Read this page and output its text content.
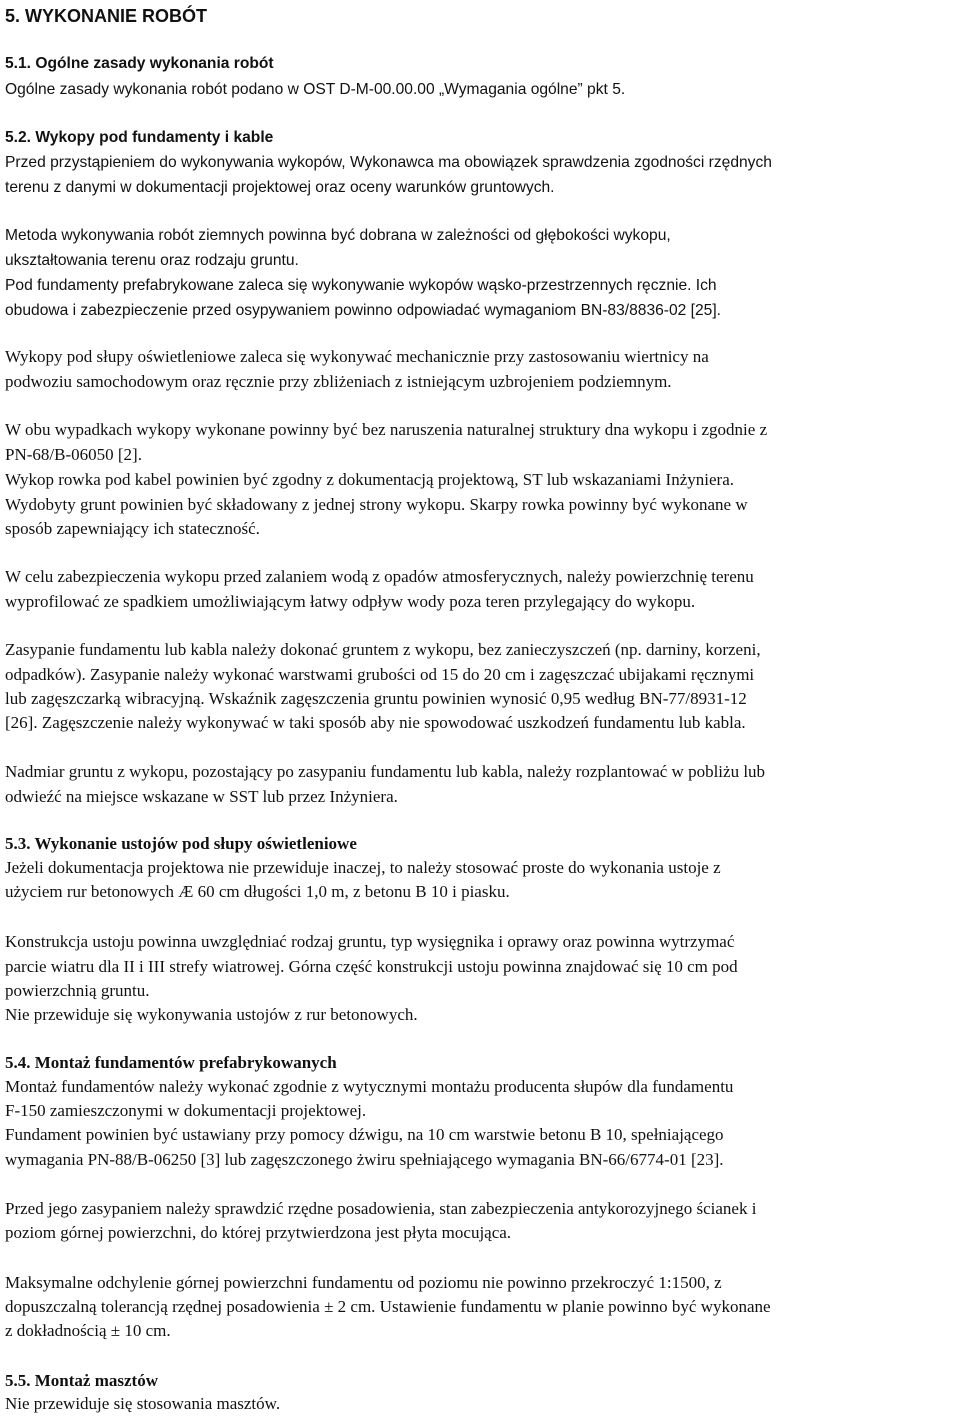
5. WYKONANIE ROBÓT
5.1. Ogólne zasady wykonania robót
Ogólne zasady wykonania robót podano w OST D-M-00.00.00 „Wymagania ogólne” pkt 5.
5.2. Wykopy pod fundamenty i kable
Przed przystąpieniem do wykonywania wykopów, Wykonawca ma obowiązek sprawdzenia zgodności rzędnych
terenu z danymi w dokumentacji projektowej oraz oceny warunków gruntowych.
Metoda wykonywania robót ziemnych powinna być dobrana w zależności od głębokości wykopu,
ukształtowania terenu oraz rodzaju gruntu.
Pod fundamenty prefabrykowane zaleca się wykonywanie wykopów wąsko-przestrzennych ręcznie. Ich
obudowa i zabezpieczenie przed osypywaniem powinno odpowiadać wymaganiom BN-83/8836-02 [25].
Wykopy pod słupy oświetleniowe zaleca się wykonywać mechanicznie przy zastosowaniu wiertnicy na
podwoziu samochodowym oraz ręcznie przy zbliżeniach z istniejącym uzbrojeniem podziemnym.
W obu wypadkach wykopy wykonane powinny być bez naruszenia naturalnej struktury dna wykopu i zgodnie z
PN-68/B-06050 [2].
Wykop rowka pod kabel powinien być zgodny z dokumentacją projektową, ST lub wskazaniami Inżyniera.
Wydobyty grunt powinien być składowany z jednej strony wykopu. Skarpy rowka powinny być wykonane w
sposób zapewniający ich stateczność.
W celu zabezpieczenia wykopu przed zalaniem wodą z opadów atmosferycznych, należy powierzchnię terenu
wyprofilować ze spadkiem umożliwiającym łatwy odpływ wody poza teren przylegający do wykopu.
Zasypanie fundamentu lub kabla należy dokonać gruntem z wykopu, bez zanieczyszczeń (np. darniny, korzeni,
odpadków). Zasypanie należy wykonać warstwami grubości od 15 do 20 cm i zagęszczać ubijakami ręcznymi
lub zagęszczarką wibracyjną. Wskaźnik zagęszczenia gruntu powinien wynosić 0,95 według BN-77/8931-12
[26]. Zagęszczenie należy wykonywać w taki sposób aby nie spowodować uszkodzeń fundamentu lub kabla.
Nadmiar gruntu z wykopu, pozostający po zasypaniu fundamentu lub kabla, należy rozplantować w pobliżu lub
odwieźć na miejsce wskazane w SST lub przez Inżyniera.
5.3. Wykonanie ustojów pod słupy oświetleniowe
Jeżeli dokumentacja projektowa nie przewiduje inaczej, to należy stosować proste do wykonania ustoje z
użyciem rur betonowych Æ 60 cm długości 1,0 m, z betonu B 10 i piasku.
Konstrukcja ustoju powinna uwzględniać rodzaj gruntu, typ wysięgnika i oprawy oraz powinna wytrzymać
parcie wiatru dla II i III strefy wiatrowej. Górna część konstrukcji ustoju powinna znajdować się 10 cm pod
powierzchnią gruntu.
Nie przewiduje się wykonywania ustojów z rur betonowych.
5.4. Montaż fundamentów prefabrykowanych
Montaż fundamentów należy wykonać zgodnie z wytycznymi montażu producenta słupów dla fundamentu
F-150 zamieszczonymi w dokumentacji projektowej.
Fundament powinien być ustawiany przy pomocy dźwigu, na 10 cm warstwie betonu B 10, spełniającego
wymagania PN-88/B-06250 [3] lub zagęszczonego żwiru spełniającego wymagania BN-66/6774-01 [23].
Przed jego zasypaniem należy sprawdzić rzędne posadowienia, stan zabezpieczenia antykorozyjnego ścianek i
poziom górnej powierzchni, do której przytwierdzona jest płyta mocująca.
Maksymalne odchylenie górnej powierzchni fundamentu od poziomu nie powinno przekroczyć 1:1500, z
dopuszczalną tolerancją rzędnej posadowienia ± 2 cm. Ustawienie fundamentu w planie powinno być wykonane
z dokładnością ± 10 cm.
5.5. Montaż masztów
Nie przewiduje się stosowania masztów.
